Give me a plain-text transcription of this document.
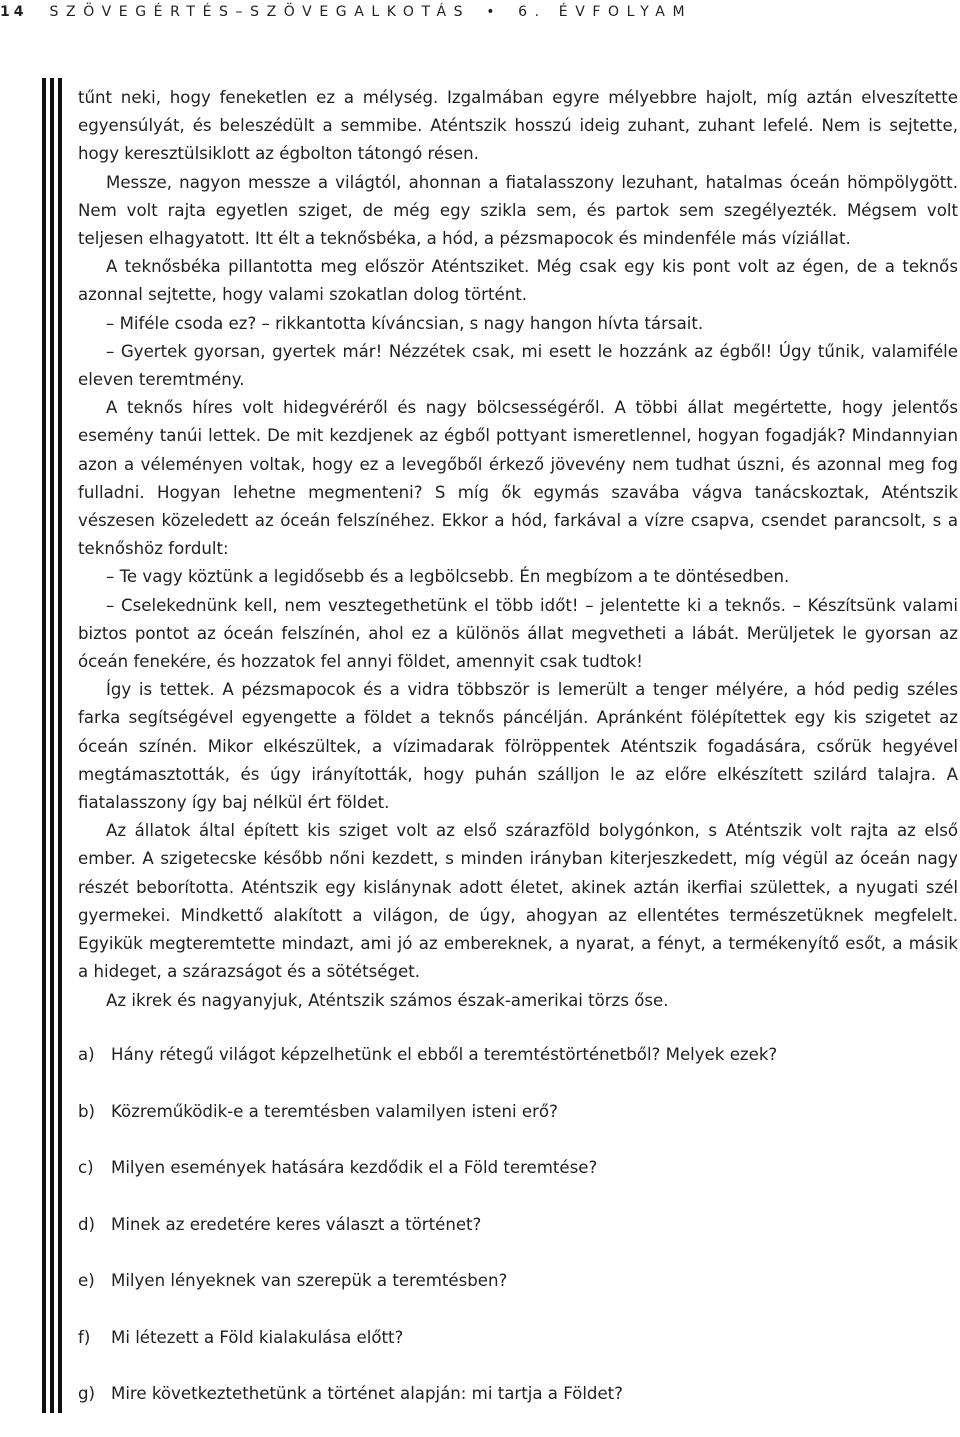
14 SZÖVEGÉRTÉS–SZÖVEGALKOTÁS • 6. ÉVFOLYAM

tűnt neki, hogy feneketlen ez a mélység. Izgalmában egyre mélyebbre hajolt, míg aztán elveszítette egyensúlyát, és beleszédült a semmibe. Aténtszik hosszú ideig zuhant, zuhant lefelé. Nem is sejtette, hogy keresztülsiklott az égbolton tátongó résen.

Messze, nagyon messze a világtól, ahonnan a fiatalasszony lezuhant, hatalmas óceán hömpölygött. Nem volt rajta egyetlen sziget, de még egy szikla sem, és partok sem szegélyezték. Mégsem volt teljesen elhagyatott. Itt élt a teknősbéka, a hód, a pézsmapocok és mindenféle más víziállat.

A teknősbéka pillantotta meg először Aténtsziket. Még csak egy kis pont volt az égen, de a teknős azonnal sejtette, hogy valami szokatlan dolog történt.

– Miféle csoda ez? – rikkantotta kíváncsian, s nagy hangon hívta társait.

– Gyertek gyorsan, gyertek már! Nézzétek csak, mi esett le hozzánk az égből! Úgy tűnik, valamiféle eleven teremtmény.

A teknős híres volt hidegvéréről és nagy bölcsességéről. A többi állat megértette, hogy jelentős esemény tanúi lettek. De mit kezdjenek az égből pottyant ismeretlennel, hogyan fogadják? Mindannyian azon a véleményen voltak, hogy ez a levegőből érkező jövevény nem tudhat úszni, és azonnal meg fog fulladni. Hogyan lehetne megmenteni? S míg ők egymás szavába vágva tanácskoztak, Aténtszik vészesen közeledett az óceán felszínéhez. Ekkor a hód, farkával a vízre csapva, csendet parancsolt, s a teknőshöz fordult:

– Te vagy köztünk a legidősebb és a legbölcsebb. Én megbízom a te döntésedben.

– Cselekednünk kell, nem vesztegethetünk el több időt! – jelentette ki a teknős. – Készítsünk valami biztos pontot az óceán felszínén, ahol ez a különös állat megvetheti a lábát. Merüljetek le gyorsan az óceán fenekére, és hozzatok fel annyi földet, amennyit csak tudtok!

Így is tettek. A pézsmapocok és a vidra többször is lemerült a tenger mélyére, a hód pedig széles farka segítségével egyengette a földet a teknős páncélján. Apránként fölépítettek egy kis szigetet az óceán színén. Mikor elkészültek, a vízimadarak fölröppentek Aténtszik fogadására, csőrük hegyével megtámasztották, és úgy irányították, hogy puhán szálljon le az előre elkészített szilárd talajra. A fiatalasszony így baj nélkül ért földet.

Az állatok által épített kis sziget volt az első szárazföld bolygónkon, s Aténtszik volt rajta az első ember. A szigetecske később nőni kezdett, s minden irányban kiterjeszkedett, míg végül az óceán nagy részét beborította. Aténtszik egy kislánynak adott életet, akinek aztán ikerfiai születtek, a nyugati szél gyermekei. Mindkettő alakított a világon, de úgy, ahogyan az ellentétes természetüknek megfelelt. Egyikük megteremtette mindazt, ami jó az embereknek, a nyarat, a fényt, a termékenyítő esőt, a másik a hideget, a szárazságot és a sötétséget.

Az ikrek és nagyanyjuk, Aténtszik számos észak-amerikai törzs őse.

a) Hány rétegű világot képzelhetünk el ebből a teremtéstörténetből? Melyek ezek?
b) Közreműködik-e a teremtésben valamilyen isteni erő?
c)	Milyen események hatására kezdődik el a Föld teremtése?
d) Minek az eredetére keres választ a történet?
e) Milyen lényeknek van szerepük a teremtésben?
f)	Mi létezett a Föld kialakulása előtt?
g) Mire következtethetünk a történet alapján: mi tartja a Földet?
